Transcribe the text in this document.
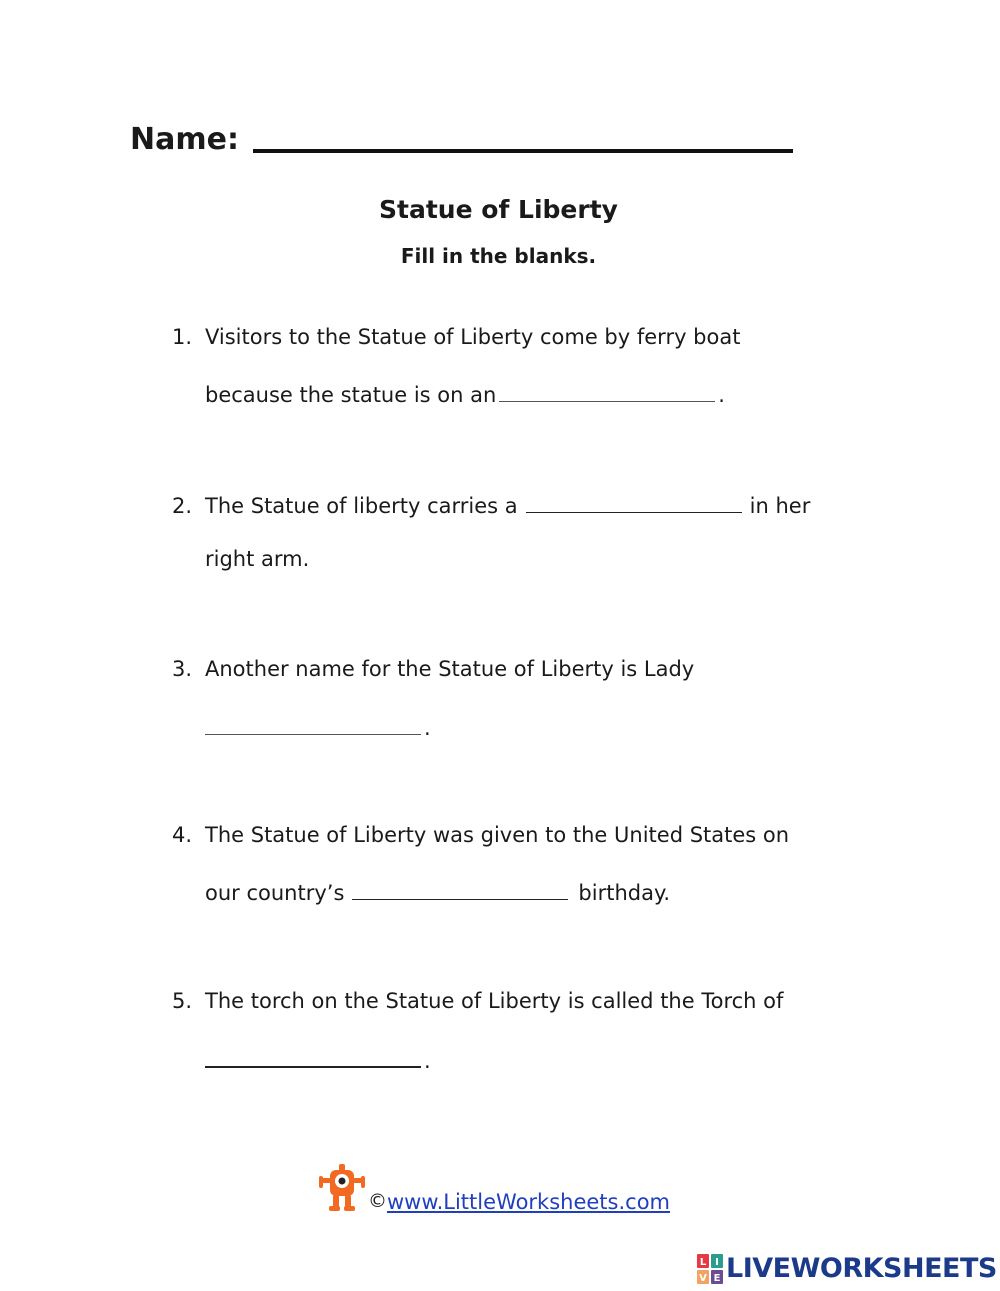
Name:
Statue of Liberty
Fill in the blanks.
1. Visitors to the Statue of Liberty come by ferry boat
because the statue is on an	.
2. The Statue of liberty carries a	in her
right arm.
3. Another name for the Statue of Liberty is Lady
.
4. The Statue of Liberty was given to the United States on
our country’s	birthday.
5. The torch on the Statue of Liberty is called the Torch of
.
© www.LittleWorksheets.com
L I
V E LIVEWORKSHEETS
